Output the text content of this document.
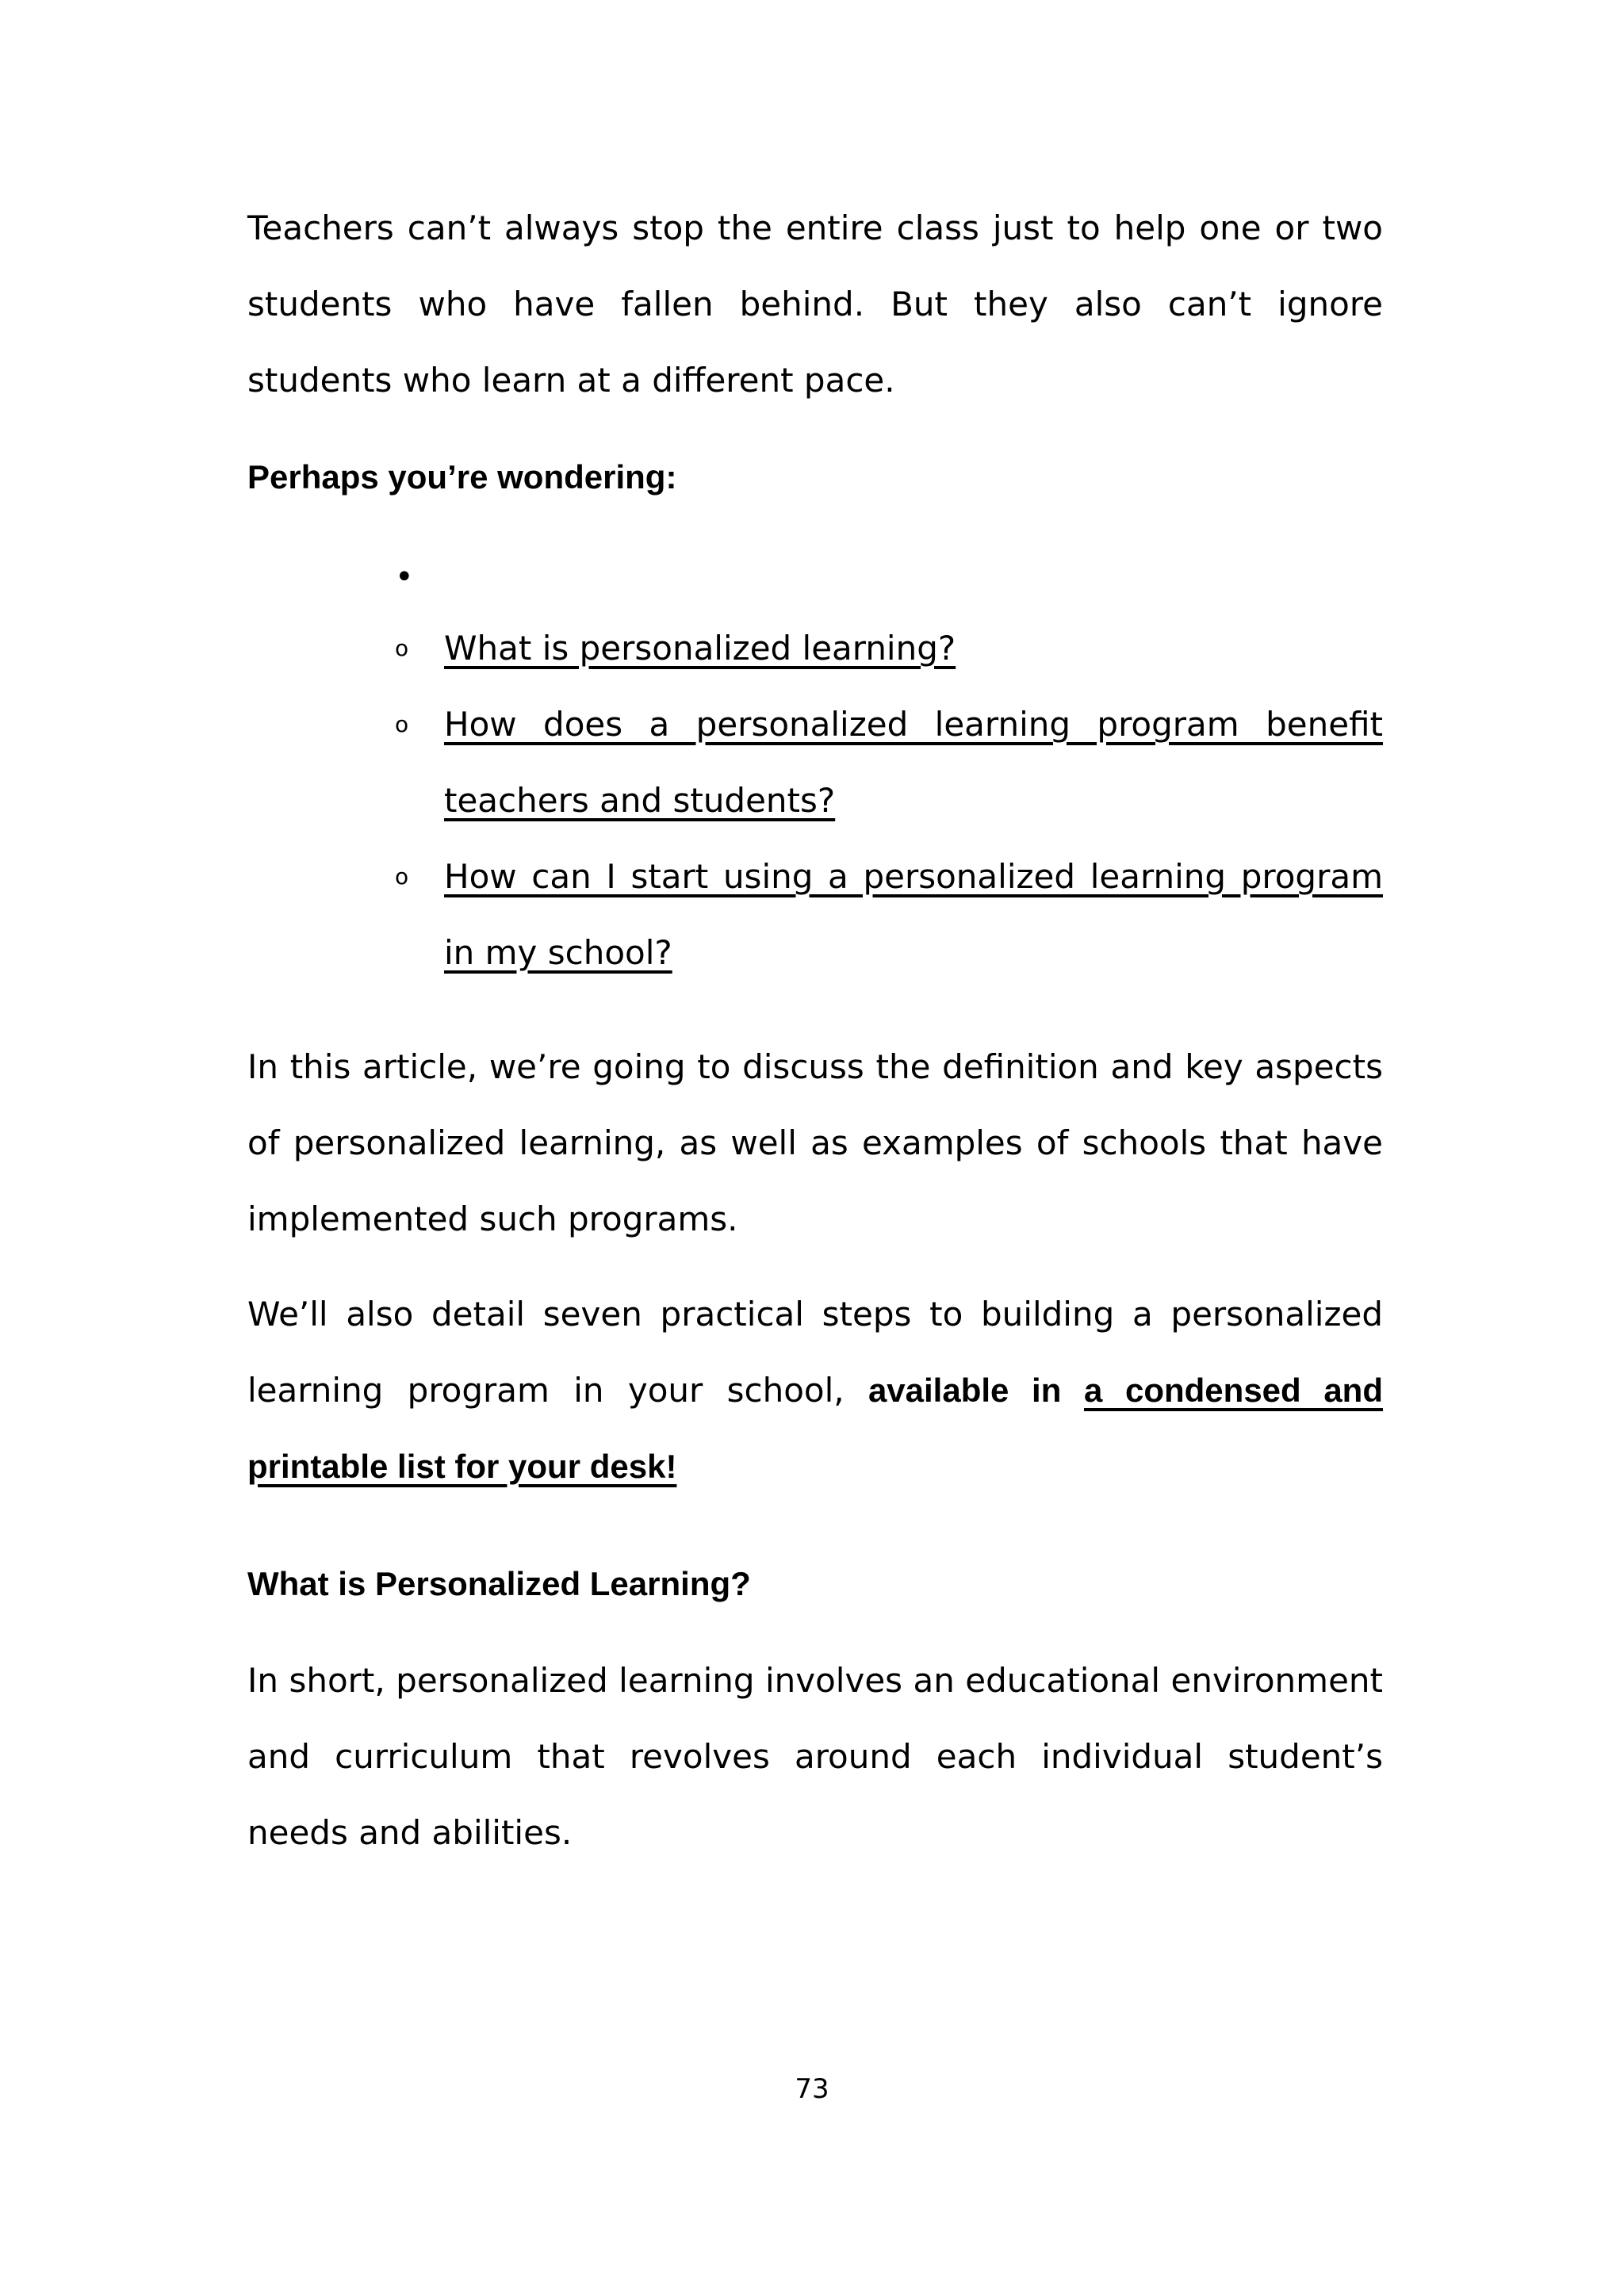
Teachers can’t always stop the entire class just to help one or two students who have fallen behind. But they also can’t ignore students who learn at a different pace.

Perhaps you’re wondering:
•
o What is personalized learning?
o How does a personalized learning program benefit teachers and students?
o How can I start using a personalized learning program in my school?

In this article, we’re going to discuss the definition and key aspects of personalized learning, as well as examples of schools that have implemented such programs.

We’ll also detail seven practical steps to building a personalized learning program in your school, available in a condensed and printable list for your desk!

What is Personalized Learning?

In short, personalized learning involves an educational environment and curriculum that revolves around each individual student’s needs and abilities.

73
